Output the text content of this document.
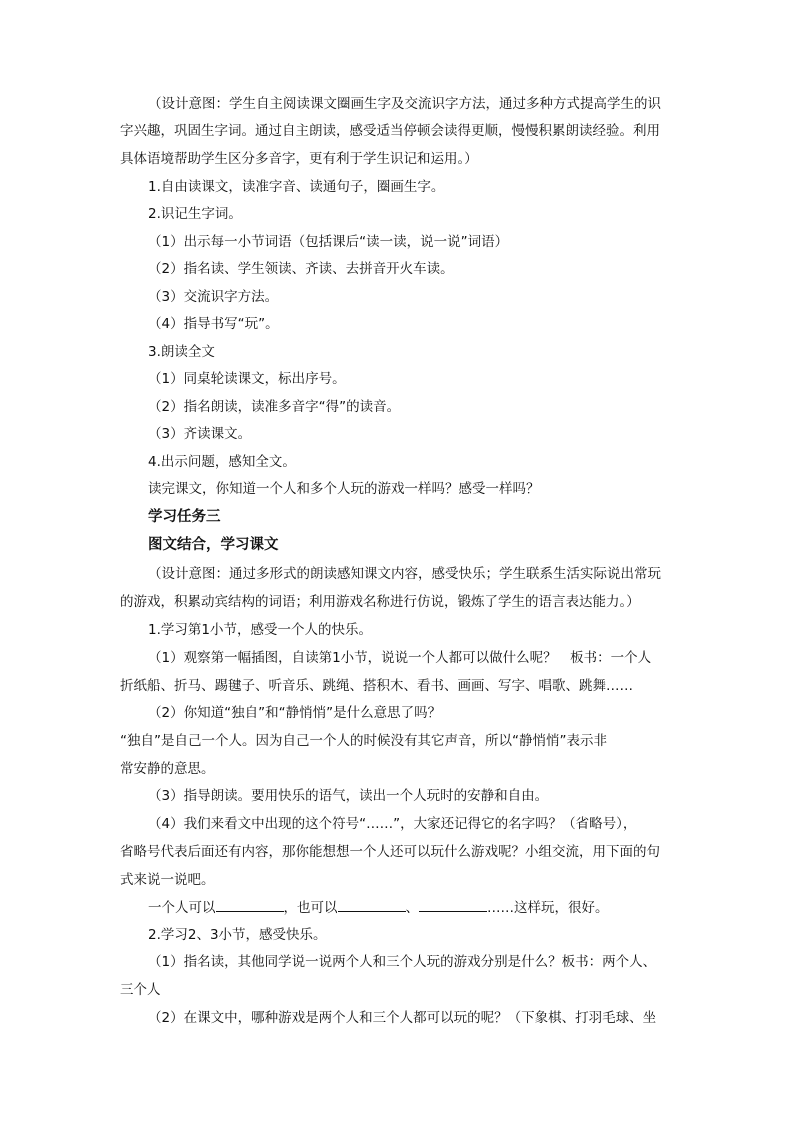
（设计意图：学生自主阅读课文圈画生字及交流识字方法，通过多种方式提高学生的识
字兴趣，巩固生字词。通过自主朗读，感受适当停顿会读得更顺，慢慢积累朗读经验。利用
具体语境帮助学生区分多音字，更有利于学生识记和运用。）
1.自由读课文，读准字音、读通句子，圈画生字。
2.识记生字词。
（1）出示每一小节词语（包括课后“读一读，说一说”词语）
（2）指名读、学生领读、齐读、去拼音开火车读。
（3）交流识字方法。
（4）指导书写“玩”。
3.朗读全文
（1）同桌轮读课文，标出序号。
（2）指名朗读，读准多音字“得”的读音。
（3）齐读课文。
4.出示问题，感知全文。
读完课文，你知道一个人和多个人玩的游戏一样吗？感受一样吗？
学习任务三
图文结合，学习课文
（设计意图：通过多形式的朗读感知课文内容，感受快乐；学生联系生活实际说出常玩
的游戏，积累动宾结构的词语；利用游戏名称进行仿说，锻炼了学生的语言表达能力。）
1.学习第1小节，感受一个人的快乐。
（1）观察第一幅插图，自读第1小节，说说一个人都可以做什么呢？　板书：一个人
折纸船、折马、踢毽子、听音乐、跳绳、搭积木、看书、画画、写字、唱歌、跳舞……
（2）你知道“独自”和“静悄悄”是什么意思了吗？
“独自”是自己一个人。因为自己一个人的时候没有其它声音，所以“静悄悄”表示非
常安静的意思。
（3）指导朗读。要用快乐的语气，读出一个人玩时的安静和自由。
（4）我们来看文中出现的这个符号“……”，大家还记得它的名字吗？（省略号），
省略号代表后面还有内容，那你能想想一个人还可以玩什么游戏呢？小组交流，用下面的句
式来说一说吧。
一个人可以	，也可以	、	……这样玩，很好。
2.学习2、3小节，感受快乐。
（1）指名读，其他同学说一说两个人和三个人玩的游戏分别是什么？板书：两个人、
三个人
（2）在课文中，哪种游戏是两个人和三个人都可以玩的呢？（下象棋、打羽毛球、坐
